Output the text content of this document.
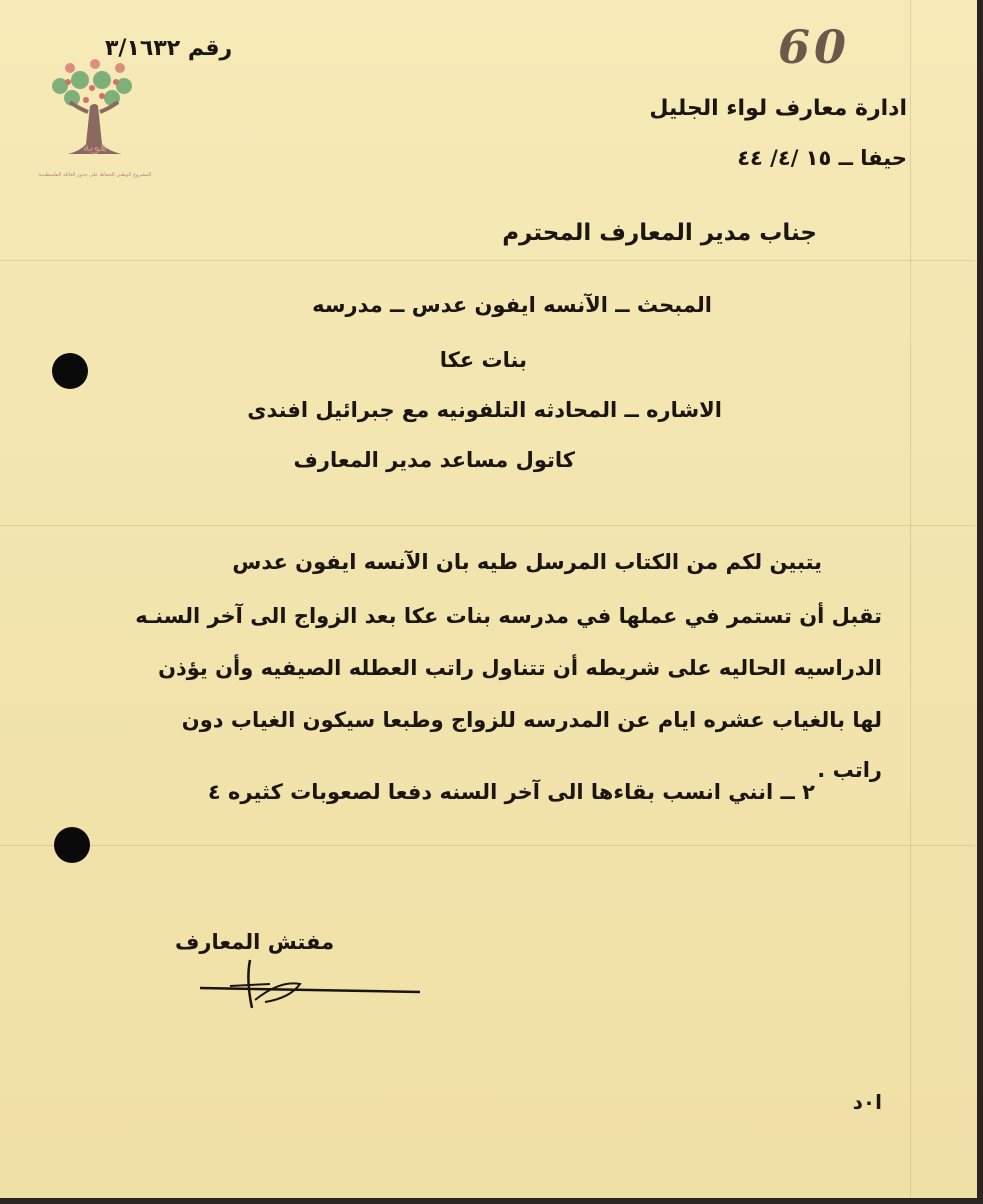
هوية
المشروع الوطني للحفاظ على جذور العائلة الفلسطينية
60
رقم ٣/١٦٣٢
ادارة معارف لواء الجليل
حيفا ــ ١٥ /٤/ ٤٤
جناب مدير المعارف المحترم
المبحث ــ الآنسه ايفون عدس ــ مدرسه
بنات عكا
الاشاره ــ المحادثه التلفونيه مع جبرائيل افندى
كاتول مساعد مدير المعارف
يتبين لكم من الكتاب المرسل طيه بان الآنسه ايفون عدس
تقبل أن تستمر في عملها في مدرسه بنات عكا بعد الزواج الى آخر السنـه
الدراسيه الحاليه على شريطه أن تتناول راتب العطله الصيفيه وأن يؤذن
لها بالغياب عشره ايام عن المدرسه للزواج وطبعا سيكون الغياب دون
راتب .
٢ ــ انني انسب بقاءها الى آخر السنه دفعا لصعوبات كثيره ٤
مفتش المعارف
ا٠د
